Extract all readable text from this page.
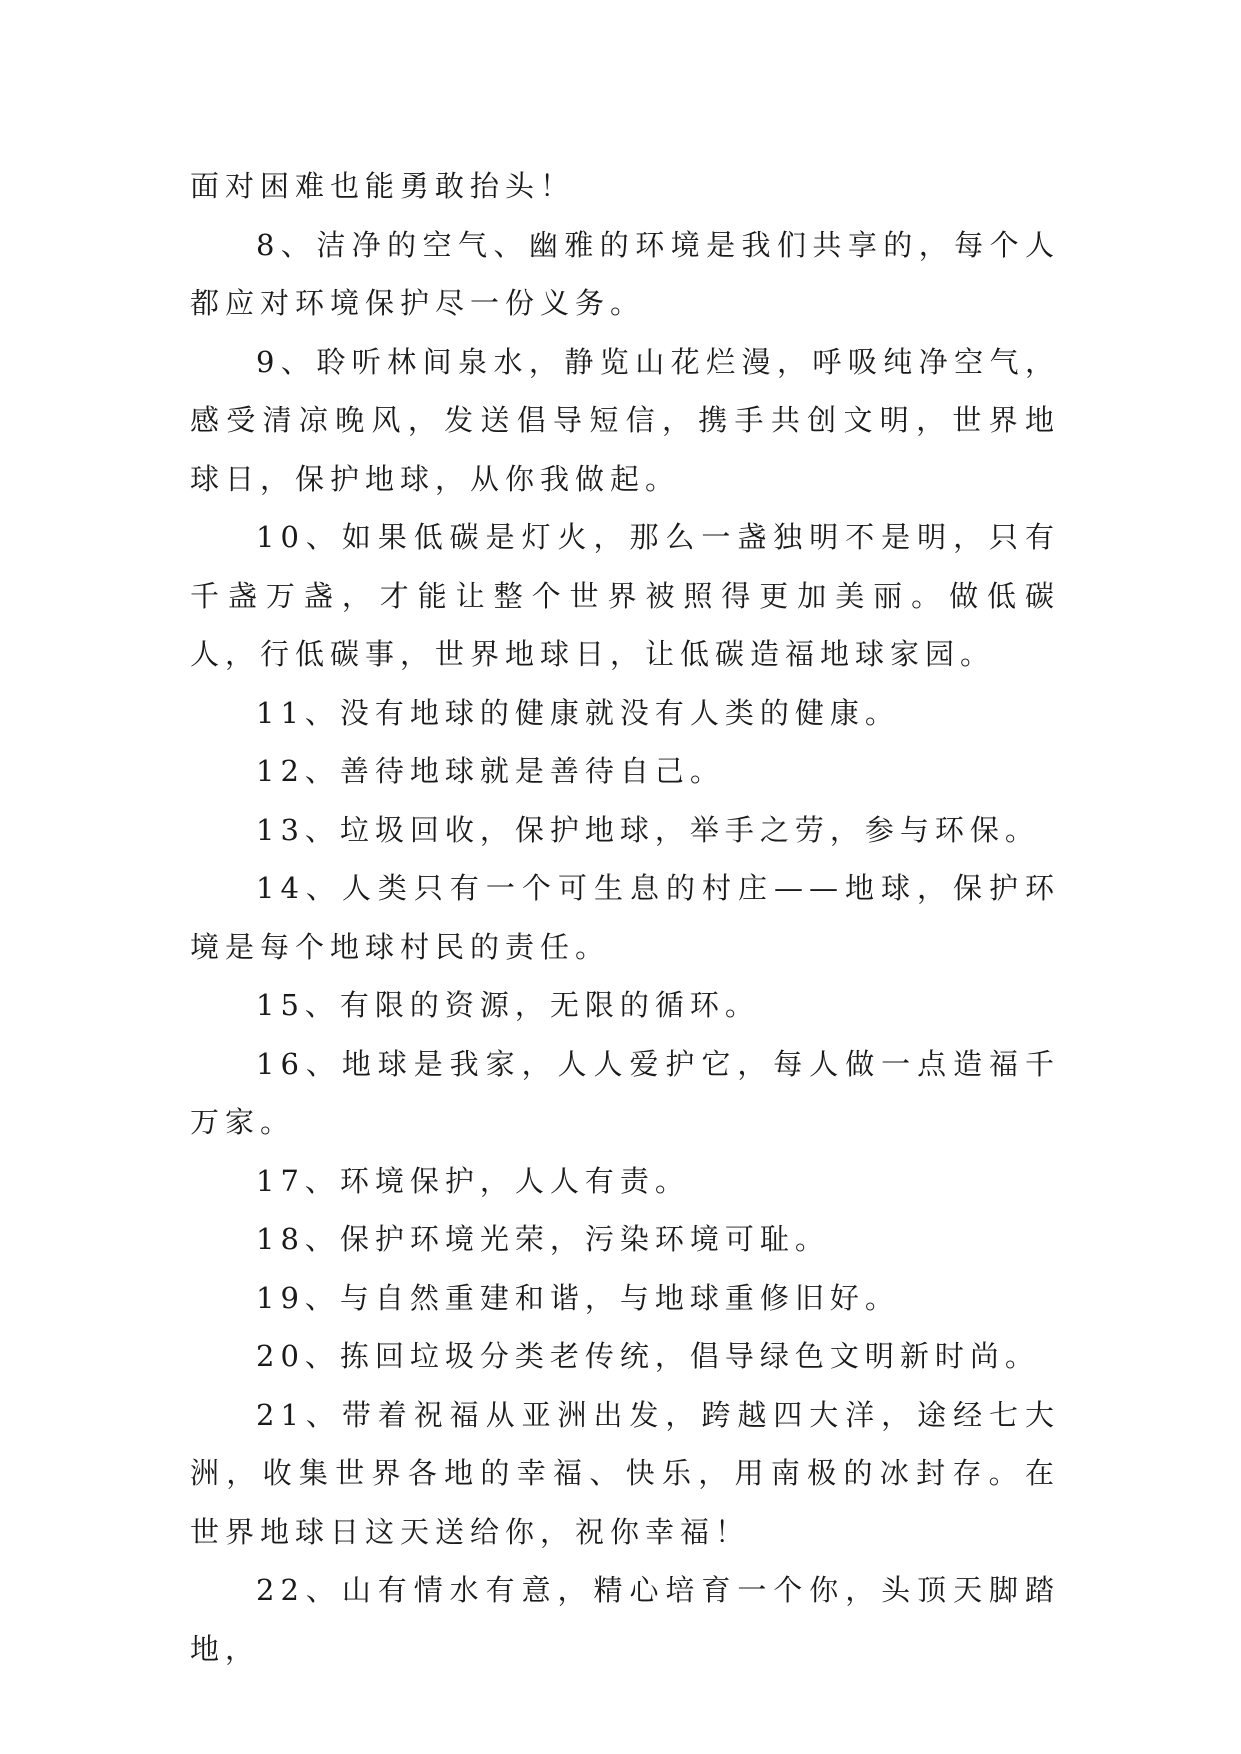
面对困难也能勇敢抬头！

8、洁净的空气、幽雅的环境是我们共享的，每个人都应对环境保护尽一份义务。

9、聆听林间泉水，静览山花烂漫，呼吸纯净空气，感受清凉晚风，发送倡导短信，携手共创文明，世界地球日，保护地球，从你我做起。

10、如果低碳是灯火，那么一盏独明不是明，只有千盏万盏，才能让整个世界被照得更加美丽。做低碳人，行低碳事，世界地球日，让低碳造福地球家园。

11、没有地球的健康就没有人类的健康。

12、善待地球就是善待自己。

13、垃圾回收，保护地球，举手之劳，参与环保。

14、人类只有一个可生息的村庄——地球，保护环境是每个地球村民的责任。

15、有限的资源，无限的循环。

16、地球是我家，人人爱护它，每人做一点造福千万家。

17、环境保护，人人有责。

18、保护环境光荣，污染环境可耻。

19、与自然重建和谐，与地球重修旧好。

20、拣回垃圾分类老传统，倡导绿色文明新时尚。

21、带着祝福从亚洲出发，跨越四大洋，途经七大洲，收集世界各地的幸福、快乐，用南极的冰封存。在世界地球日这天送给你，祝你幸福！

22、山有情水有意，精心培育一个你，头顶天脚踏地，
